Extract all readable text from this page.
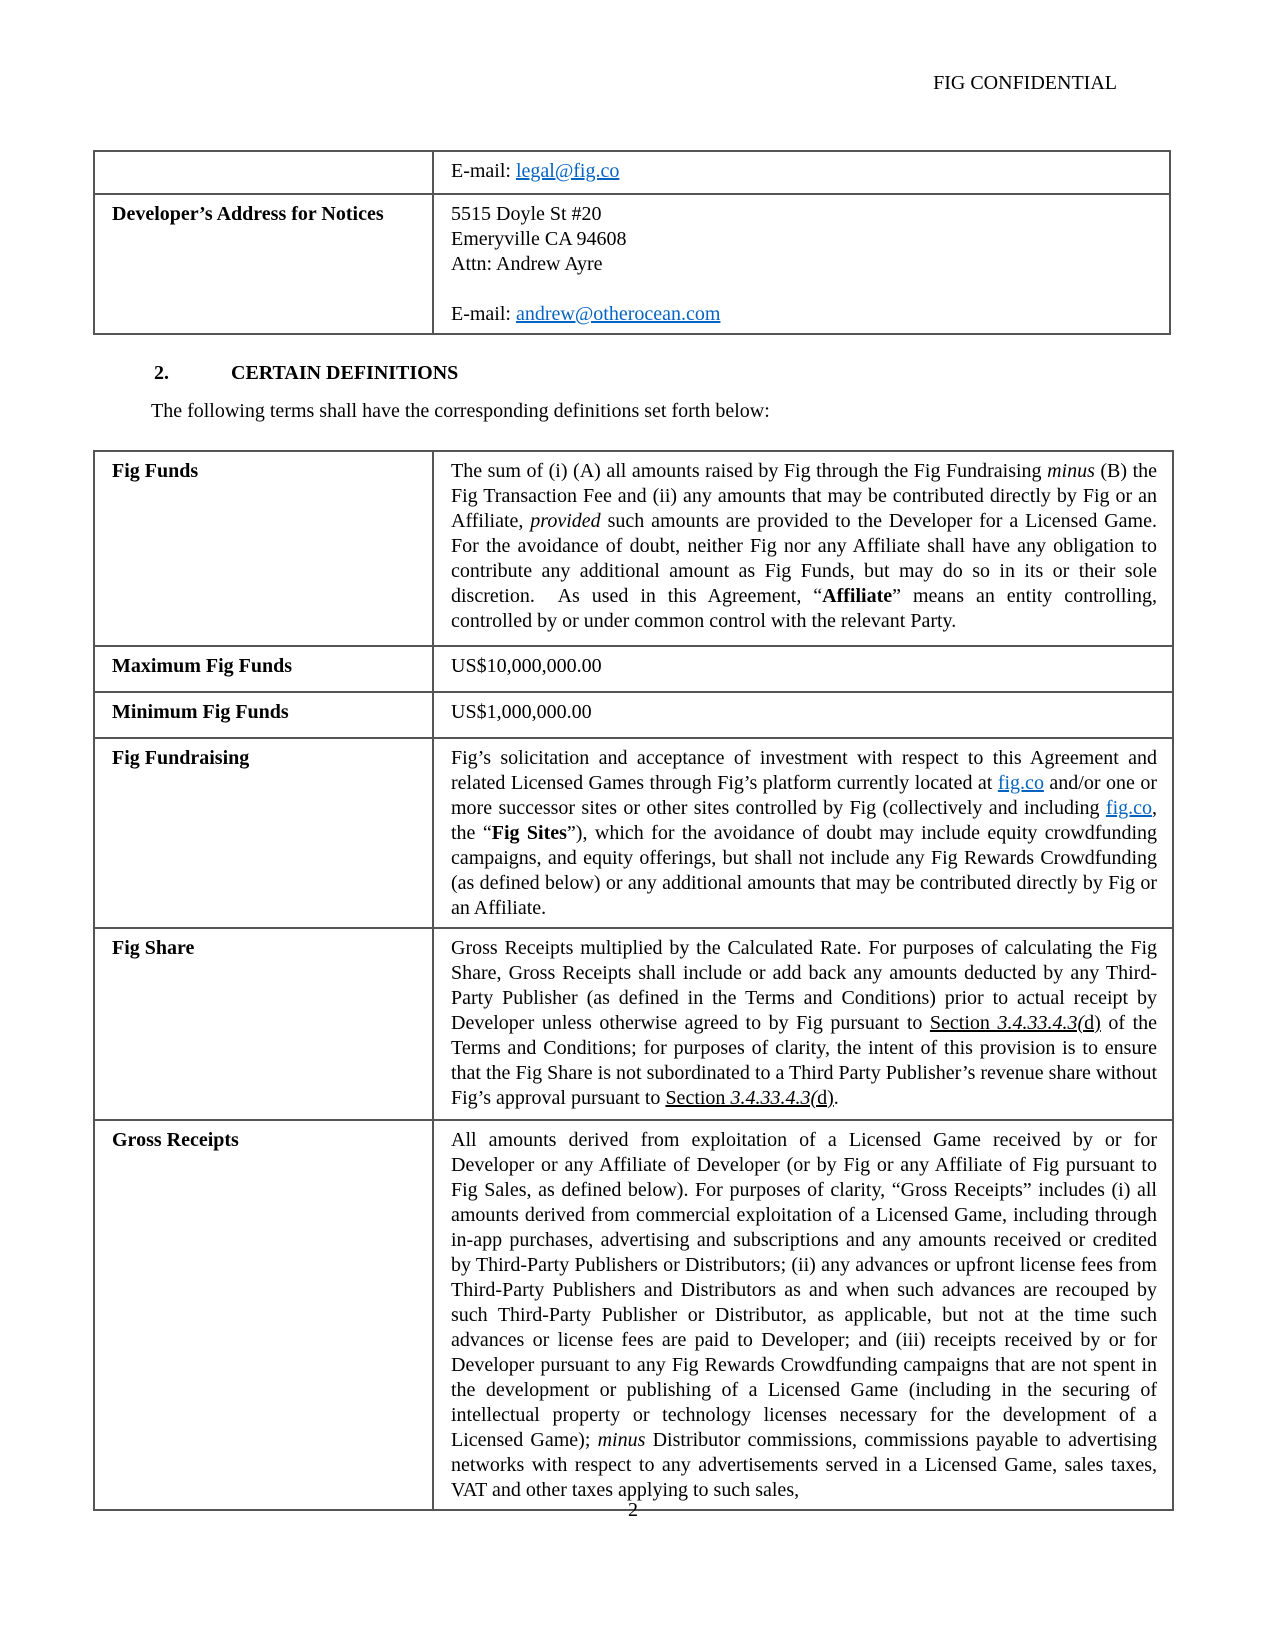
FIG CONFIDENTIAL

	E-mail: legal@fig.co

Developer’s Address for Notices	5515 Doyle St #20
Emeryville CA 94608
Attn: Andrew Ayre

E-mail: andrew@otherocean.com
2.	CERTAIN DEFINITIONS

The following terms shall have the corresponding definitions set forth below:

Fig Funds	The sum of (i) (A) all amounts raised by Fig through the Fig Fundraising minus (B) the Fig Transaction Fee and (ii) any amounts that may be contributed directly by Fig or an Affiliate, provided such amounts are provided to the Developer for a Licensed Game. For the avoidance of doubt, neither Fig nor any Affiliate shall have any obligation to contribute any additional amount as Fig Funds, but may do so in its or their sole discretion.  As used in this Agreement, “Affiliate” means an entity controlling, controlled by or under common control with the relevant Party.
Maximum Fig Funds	US$10,000,000.00
Minimum Fig Funds	US$1,000,000.00
Fig Fundraising	Fig’s solicitation and acceptance of investment with respect to this Agreement and related Licensed Games through Fig’s platform currently located at fig.co and/or one or more successor sites or other sites controlled by Fig (collectively and including fig.co, the “Fig Sites”), which for the avoidance of doubt may include equity crowdfunding campaigns, and equity offerings, but shall not include any Fig Rewards Crowdfunding (as defined below) or any additional amounts that may be contributed directly by Fig or an Affiliate.
Fig Share	Gross Receipts multiplied by the Calculated Rate. For purposes of calculating the Fig Share, Gross Receipts shall include or add back any amounts deducted by any Third-Party Publisher (as defined in the Terms and Conditions) prior to actual receipt by Developer unless otherwise agreed to by Fig pursuant to Section 3.4.33.4.3(d) of the Terms and Conditions; for purposes of clarity, the intent of this provision is to ensure that the Fig Share is not subordinated to a Third Party Publisher’s revenue share without Fig’s approval pursuant to Section 3.4.33.4.3(d).
Gross Receipts	All amounts derived from exploitation of a Licensed Game received by or for Developer or any Affiliate of Developer (or by Fig or any Affiliate of Fig pursuant to Fig Sales, as defined below). For purposes of clarity, “Gross Receipts” includes (i) all amounts derived from commercial exploitation of a Licensed Game, including through in-app purchases, advertising and subscriptions and any amounts received or credited by Third-Party Publishers or Distributors; (ii) any advances or upfront license fees from Third-Party Publishers and Distributors as and when such advances are recouped by such Third-Party Publisher or Distributor, as applicable, but not at the time such advances or license fees are paid to Developer; and (iii) receipts received by or for Developer pursuant to any Fig Rewards Crowdfunding campaigns that are not spent in the development or publishing of a Licensed Game (including in the securing of intellectual property or technology licenses necessary for the development of a Licensed Game); minus Distributor commissions, commissions payable to advertising networks with respect to any advertisements served in a Licensed Game, sales taxes, VAT and other taxes applying to such sales,
2
